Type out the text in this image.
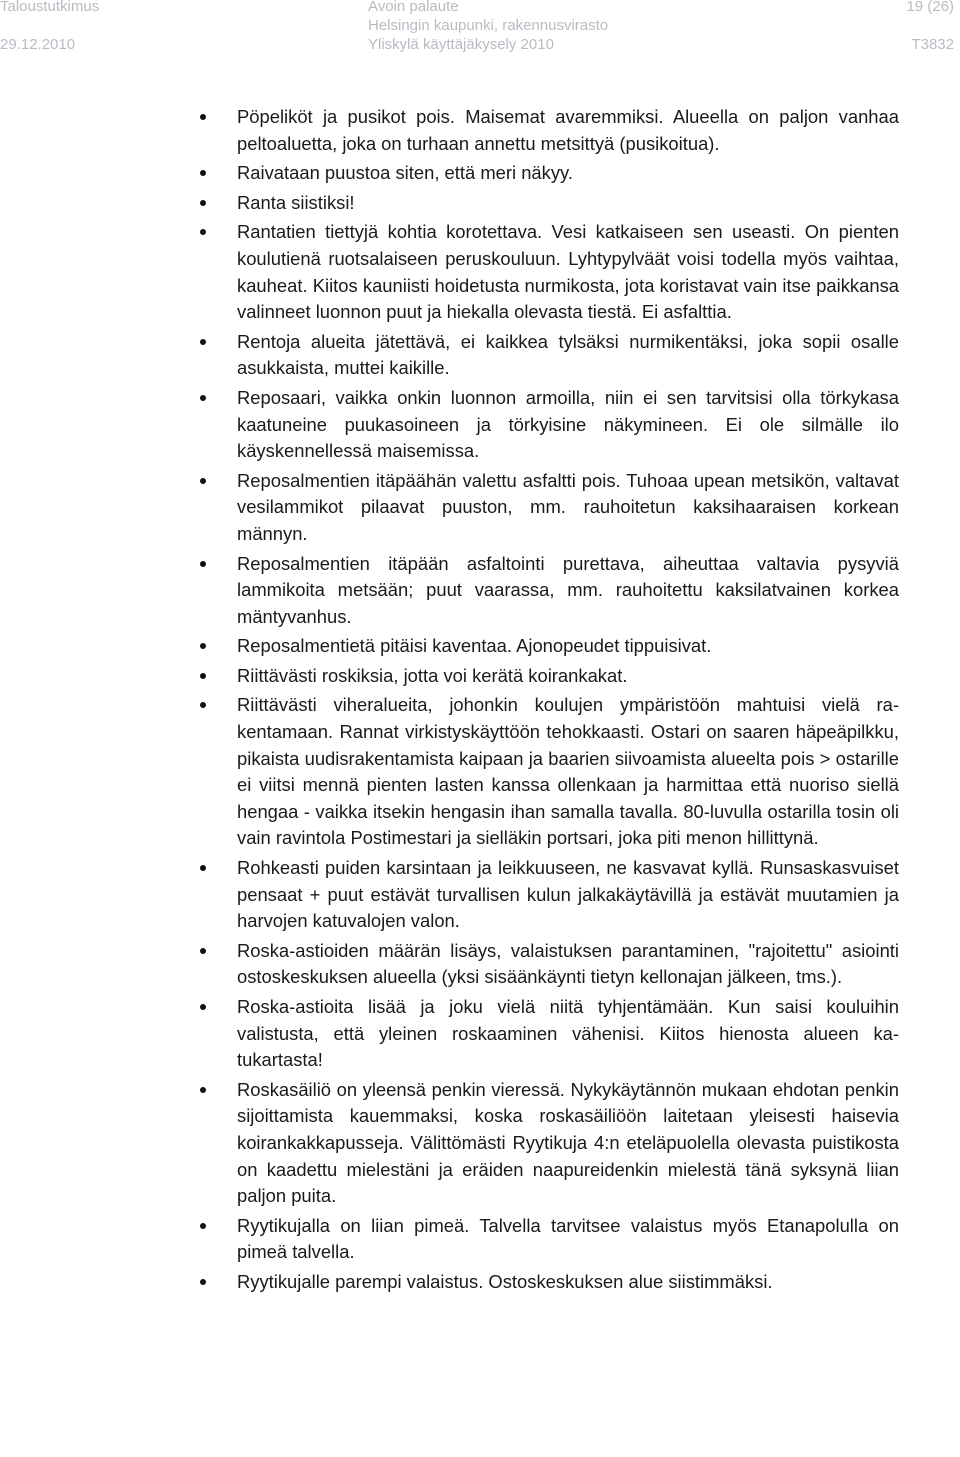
Taloustutkimus	Avoin palaute	19 (26)
Helsingin kaupunki, rakennusvirasto
29.12.2010	Yliskylä käyttäjäkysely 2010	T3832
Pöpeliköt ja pusikot pois. Maisemat avaremmiksi. Alueella on paljon vanhaa peltoaluetta, joka on turhaan annettu metsittyä (pusikoitua).
Raivataan puustoa siten, että meri näkyy.
Ranta siistiksi!
Rantatien tiettyjä kohtia korotettava. Vesi katkaiseen sen useasti. On pienten koulutienä ruotsalaiseen peruskouluun. Lyhtypylväät voisi todella myös vaihtaa, kauheat. Kiitos kauniisti hoidetusta nurmikosta, jota koristavat vain itse paikkansa valinneet luonnon puut ja hiekalla olevasta tiestä. Ei asfalttia.
Rentoja alueita jätettävä, ei kaikkea tylsäksi nurmikentäksi, joka sopii osalle asukkaista, muttei kaikille.
Reposaari, vaikka onkin luonnon armoilla, niin ei sen tarvitsisi olla törkykasa kaatuneine puukasoineen ja törkyisine näkymineen. Ei ole silmälle ilo käyskennellessä maisemissa.
Reposalmentien itäpäähän valettu asfaltti pois. Tuhoaa upean metsikön, valtavat vesilammikot pilaavat puuston, mm. rauhoitetun kaksihaaraisen korkean männyn.
Reposalmentien itäpään asfaltointi purettava, aiheuttaa valtavia pysyviä lammikoita metsään; puut vaarassa, mm. rauhoitettu kaksilatvainen korkea mäntyvanhus.
Reposalmentietä pitäisi kaventaa. Ajonopeudet tippuisivat.
Riittävästi roskiksia, jotta voi kerätä koirankakat.
Riittävästi viheralueita, johonkin koulujen ympäristöön mahtuisi vielä rakentamaan. Rannat virkistyskäyttöön tehokkaasti. Ostari on saaren häpeäpilkku, pikaista uudisrakentamista kaipaan ja baarien siivoamista alueelta pois > ostarille ei viitsi mennä pienten lasten kanssa ollenkaan ja harmittaa että nuoriso siellä hengaa - vaikka itsekin hengasin ihan samalla tavalla. 80-luvulla ostarilla tosin oli vain ravintola Postimestari ja sielläkin portsari, joka piti menon hillittynä.
Rohkeasti puiden karsintaan ja leikkuuseen, ne kasvavat kyllä. Runsaskasvuiset pensaat + puut estävät turvallisen kulun jalkakäytävillä ja estävät muutamien ja harvojen katuvalojen valon.
Roska-astioiden määrän lisäys, valaistuksen parantaminen, "rajoitettu" asiointi ostoskeskuksen alueella (yksi sisäänkäynti tietyn kellonajan jälkeen, tms.).
Roska-astioita lisää ja joku vielä niitä tyhjentämään. Kun saisi kouluihin valistusta, että yleinen roskaaminen vähenisi. Kiitos hienosta alueen katukartasta!
Roskasäiliö on yleensä penkin vieressä. Nykykäytännön mukaan ehdotan penkin sijoittamista kauemmaksi, koska roskasäiliöön laitetaan yleisesti haisevia koirankakkapusseja. Välittömästi Ryytikuja 4:n eteläpuolella olevasta puistikosta on kaadettu mielestäni ja eräiden naapureidenkin mielestä tänä syksynä liian paljon puita.
Ryytikujalla on liian pimeä. Talvella tarvitsee valaistus myös Etanapolulla on pimeä talvella.
Ryytikujalle parempi valaistus. Ostoskeskuksen alue siistimmäksi.
